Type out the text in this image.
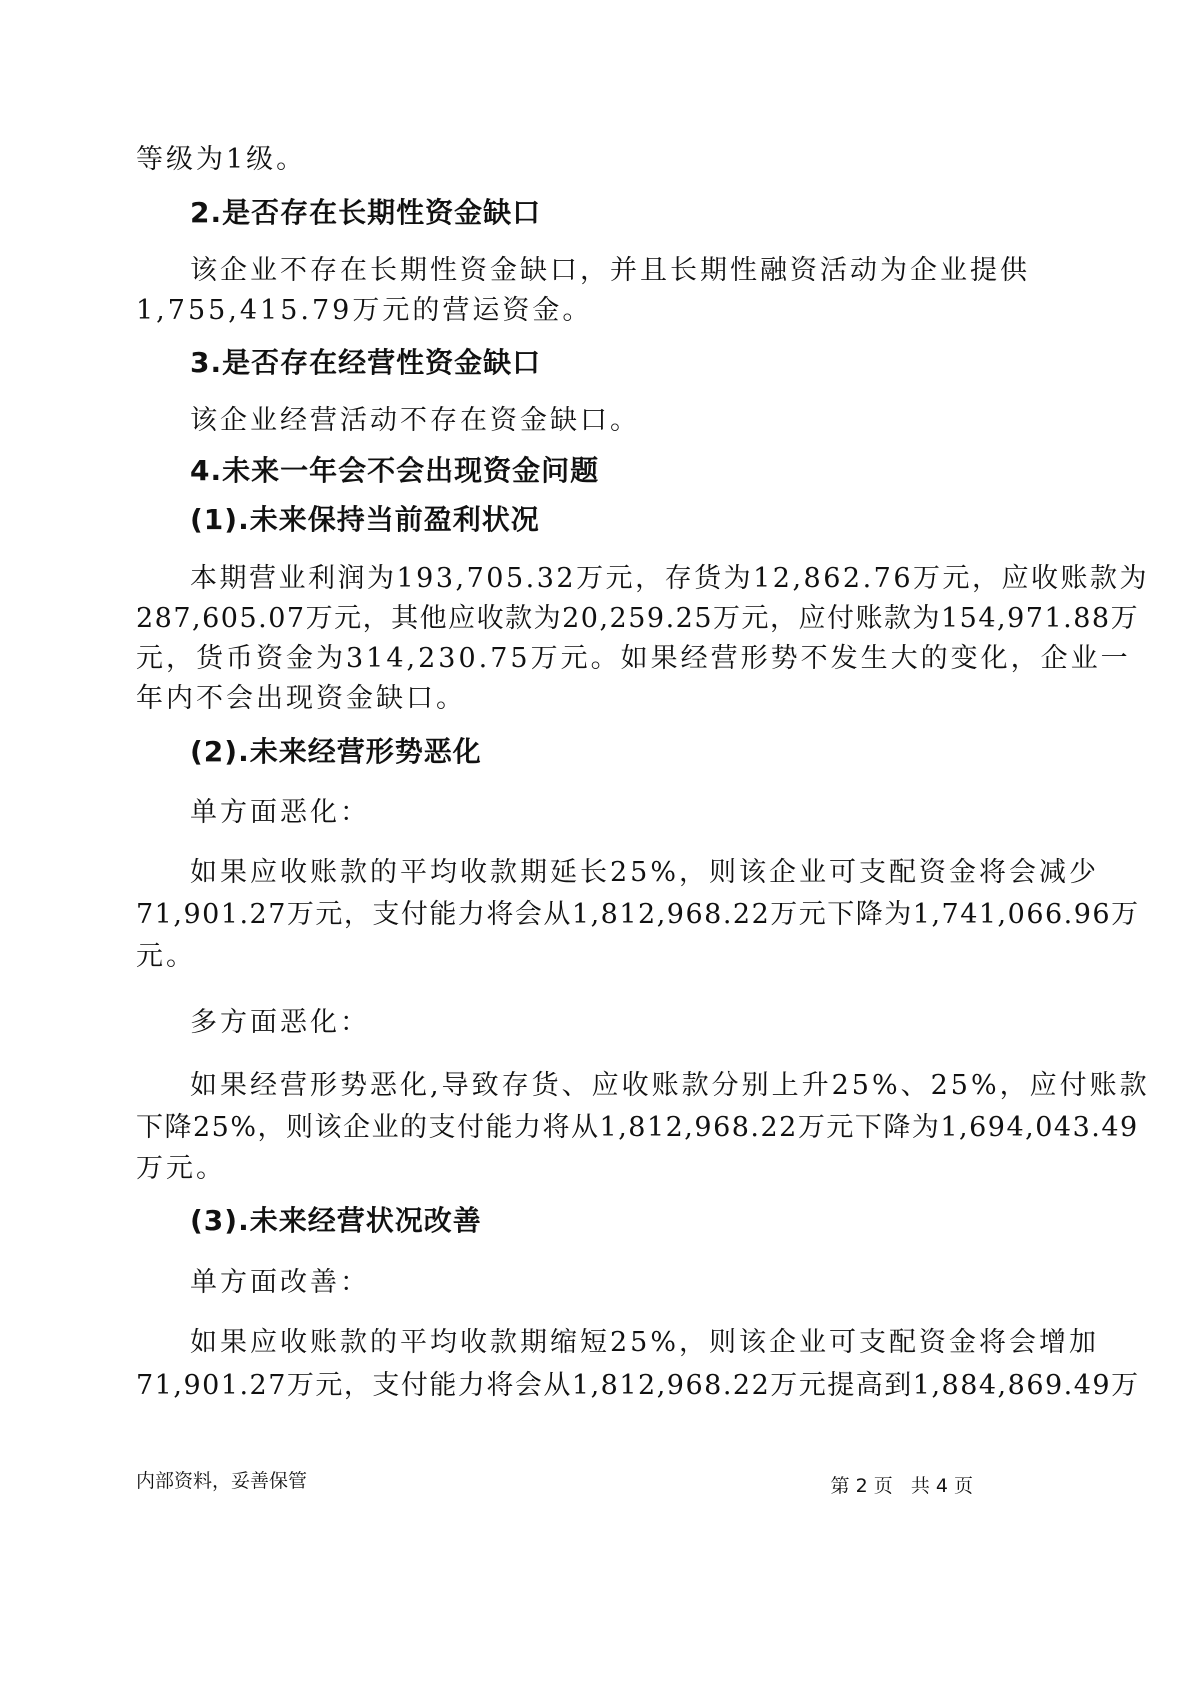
等级为1级。
2.是否存在长期性资金缺口
该企业不存在长期性资金缺口，并且长期性融资活动为企业提供
1,755,415.79万元的营运资金。
3.是否存在经营性资金缺口
该企业经营活动不存在资金缺口。
4.未来一年会不会出现资金问题
(1).未来保持当前盈利状况
本期营业利润为193,705.32万元，存货为12,862.76万元，应收账款为
287,605.07万元，其他应收款为20,259.25万元，应付账款为154,971.88万
元，货币资金为314,230.75万元。如果经营形势不发生大的变化，企业一
年内不会出现资金缺口。
(2).未来经营形势恶化
单方面恶化：
如果应收账款的平均收款期延长25%，则该企业可支配资金将会减少
71,901.27万元，支付能力将会从1,812,968.22万元下降为1,741,066.96万
元。
多方面恶化：
如果经营形势恶化,导致存货、应收账款分别上升25%、25%，应付账款
下降25%，则该企业的支付能力将从1,812,968.22万元下降为1,694,043.49
万元。
(3).未来经营状况改善
单方面改善：
如果应收账款的平均收款期缩短25%，则该企业可支配资金将会增加
71,901.27万元，支付能力将会从1,812,968.22万元提高到1,884,869.49万
内部资料，妥善保管	第 2 页   共 4 页
